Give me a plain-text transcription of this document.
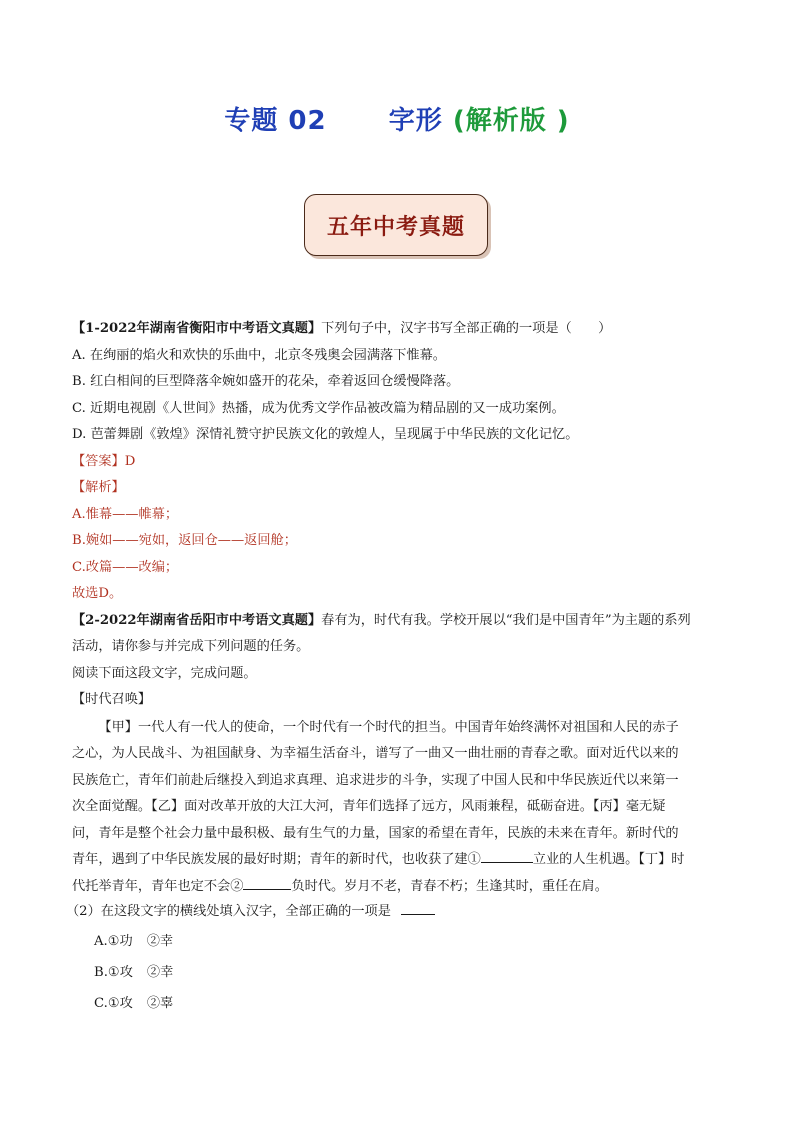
专题 02 字形 (解析版 )
五年中考真题
【1-2022年湖南省衡阳市中考语文真题】下列句子中，汉字书写全部正确的一项是（　　）
A. 在绚丽的焰火和欢快的乐曲中，北京冬残奥会园满落下惟幕。
B. 红白相间的巨型降落伞婉如盛开的花朵，牵着返回仓缓慢降落。
C. 近期电视剧《人世间》热播，成为优秀文学作品被改篇为精品剧的又一成功案例。
D. 芭蕾舞剧《敦煌》深情礼赞守护民族文化的敦煌人，呈现属于中华民族的文化记忆。
【答案】D
【解析】
A.惟幕——帷幕；
B.婉如——宛如，返回仓——返回舱；
C.改篇——改编；
故选D。
【2-2022年湖南省岳阳市中考语文真题】春有为，时代有我。学校开展以“我们是中国青年”为主题的系列
活动，请你参与并完成下列问题的任务。
阅读下面这段文字，完成问题。
【时代召唤】
【甲】一代人有一代人的使命，一个时代有一个时代的担当。中国青年始终满怀对祖国和人民的赤子
之心，为人民战斗、为祖国献身、为幸福生活奋斗，谱写了一曲又一曲壮丽的青春之歌。面对近代以来的
民族危亡，青年们前赴后继投入到追求真理、追求进步的斗争，实现了中国人民和中华民族近代以来第一
次全面觉醒。【乙】面对改革开放的大江大河，青年们选择了远方，风雨兼程，砥砺奋进。【丙】毫无疑
问，青年是整个社会力量中最积极、最有生气的力量，国家的希望在青年，民族的未来在青年。新时代的
青年，遇到了中华民族发展的最好时期；青年的新时代，也收获了建①	立业的人生机遇。【丁】时
代托举青年，青年也定不会②	负时代。岁月不老，青春不朽；生逢其时，重任在肩。
（2）在这段文字的横线处填入汉字，全部正确的一项是
A.①功 ②幸
B.①攻 ②幸
C.①攻 ②辜
